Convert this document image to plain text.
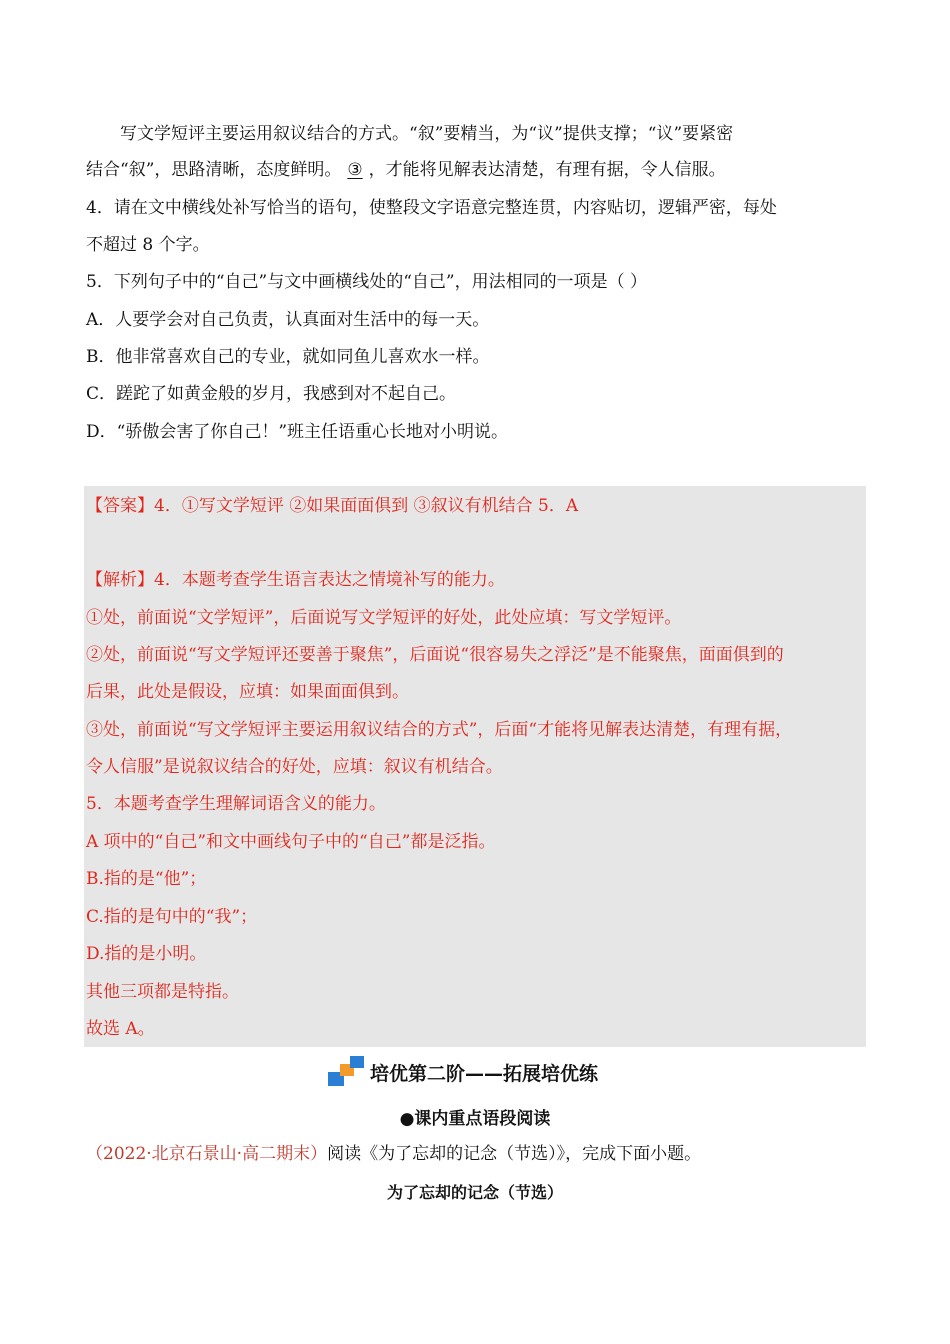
写文学短评主要运用叙议结合的方式。“叙”要精当，为“议”提供支撑；“议”要紧密
结合“叙”，思路清晰，态度鲜明。 ③ ，才能将见解表达清楚，有理有据，令人信服。
4．请在文中横线处补写恰当的语句，使整段文字语意完整连贯，内容贴切，逻辑严密，每处
不超过 8 个字。
5．下列句子中的“自己”与文中画横线处的“自己”，用法相同的一项是（ ）
A．人要学会对自己负责，认真面对生活中的每一天。
B．他非常喜欢自己的专业，就如同鱼儿喜欢水一样。
C．蹉跎了如黄金般的岁月，我感到对不起自己。
D．“骄傲会害了你自己！”班主任语重心长地对小明说。
【答案】4．①写文学短评 ②如果面面俱到 ③叙议有机结合 5．A
【解析】4．本题考查学生语言表达之情境补写的能力。
①处，前面说“文学短评”，后面说写文学短评的好处，此处应填：写文学短评。
②处，前面说“写文学短评还要善于聚焦”，后面说“很容易失之浮泛”是不能聚焦，面面俱到的
后果，此处是假设，应填：如果面面俱到。
③处，前面说“写文学短评主要运用叙议结合的方式”，后面“才能将见解表达清楚，有理有据，
令人信服”是说叙议结合的好处，应填：叙议有机结合。
5．本题考查学生理解词语含义的能力。
A 项中的“自己”和文中画线句子中的“自己”都是泛指。
B.指的是“他”；
C.指的是句中的“我”；
D.指的是小明。
其他三项都是特指。
故选 A。
培优第二阶——拓展培优练
●课内重点语段阅读
（2022·北京石景山·高二期末）阅读《为了忘却的记念（节选）》，完成下面小题。
为了忘却的记念（节选）
